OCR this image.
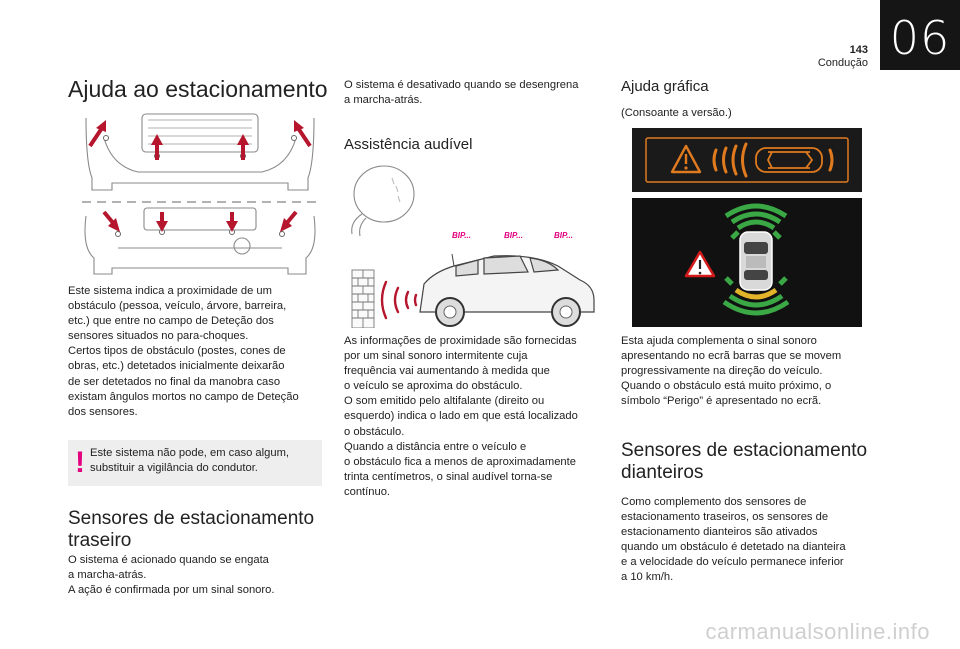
06
143
Condução
Ajuda ao estacionamento

Este sistema indica a proximidade de um

obstáculo (pessoa, veículo, árvore, barreira,

etc.) que entre no campo de Deteção dos

sensores situados no para-choques.

Certos tipos de obstáculo (postes, cones de

obras, etc.) detetados inicialmente deixarão

de ser detetados no final da manobra caso

existam ângulos mortos no campo de Deteção

dos sensores.

! Este sistema não pode, em caso algum,
substituir a vigilância do condutor.
Sensores de estacionamento
traseiro

O sistema é acionado quando se engata

a marcha-atrás.

A ação é confirmada por um sinal sonoro.

O sistema é desativado quando se desengrena

a marcha-atrás.

Assistência audível
BIP...	BIP...	BIP...

As informações de proximidade são fornecidas

por um sinal sonoro intermitente cuja

frequência vai aumentando à medida que

o veículo se aproxima do obstáculo.

O som emitido pelo altifalante (direito ou

esquerdo) indica o lado em que está localizado

o obstáculo.

Quando a distância entre o veículo e

o obstáculo fica a menos de aproximadamente

trinta centímetros, o sinal audível torna-se

contínuo.

Ajuda gráfica
(Consoante a versão.)

Esta ajuda complementa o sinal sonoro

apresentando no ecrã barras que se movem

progressivamente na direção do veículo.

Quando o obstáculo está muito próximo, o

símbolo “Perigo” é apresentado no ecrã.

Sensores de estacionamento
dianteiros

Como complemento dos sensores de

estacionamento traseiros, os sensores de

estacionamento dianteiros são ativados

quando um obstáculo é detetado na dianteira

e a velocidade do veículo permanece inferior

a 10 km/h.

carmanualsonline.info
